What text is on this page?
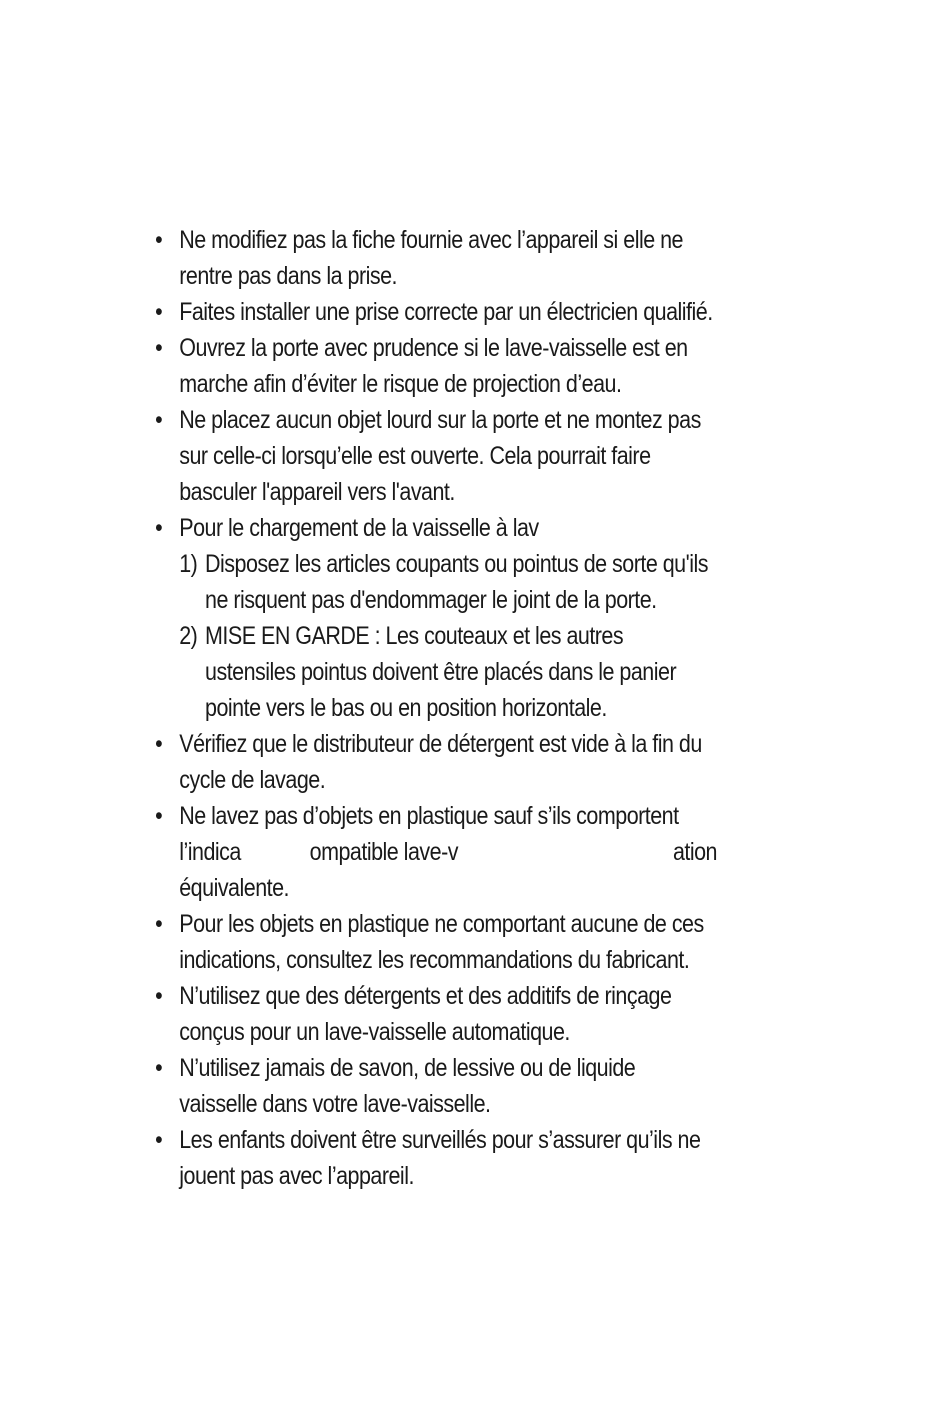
• Ne modifiez pas la fiche fournie avec l’appareil si elle ne rentre pas dans la prise.
• Faites installer une prise correcte par un électricien qualifié.
• Ouvrez la porte avec prudence si le lave-vaisselle est en marche afin d’éviter le risque de projection d’eau.
• Ne placez aucun objet lourd sur la porte et ne montez pas sur celle-ci lorsqu’elle est ouverte. Cela pourrait faire basculer l'appareil vers l'avant.
• Pour le chargement de la vaisselle à lav
1) Disposez les articles coupants ou pointus de sorte qu'ils ne risquent pas d'endommager le joint de la porte.
2) MISE EN GARDE : Les couteaux et les autres ustensiles pointus doivent être placés dans le panier pointe vers le bas ou en position horizontale.
• Vérifiez que le distributeur de détergent est vide à la fin du cycle de lavage.
• Ne lavez pas d’objets en plastique sauf s’ils comportent
l’indica	ompatible lave-v	ation
équivalente.
• Pour les objets en plastique ne comportant aucune de ces indications, consultez les recommandations du fabricant.
• N’utilisez que des détergents et des additifs de rinçage conçus pour un lave-vaisselle automatique.
• N’utilisez jamais de savon, de lessive ou de liquide vaisselle dans votre lave-vaisselle.
• Les enfants doivent être surveillés pour s’assurer qu’ils ne jouent pas avec l’appareil.
